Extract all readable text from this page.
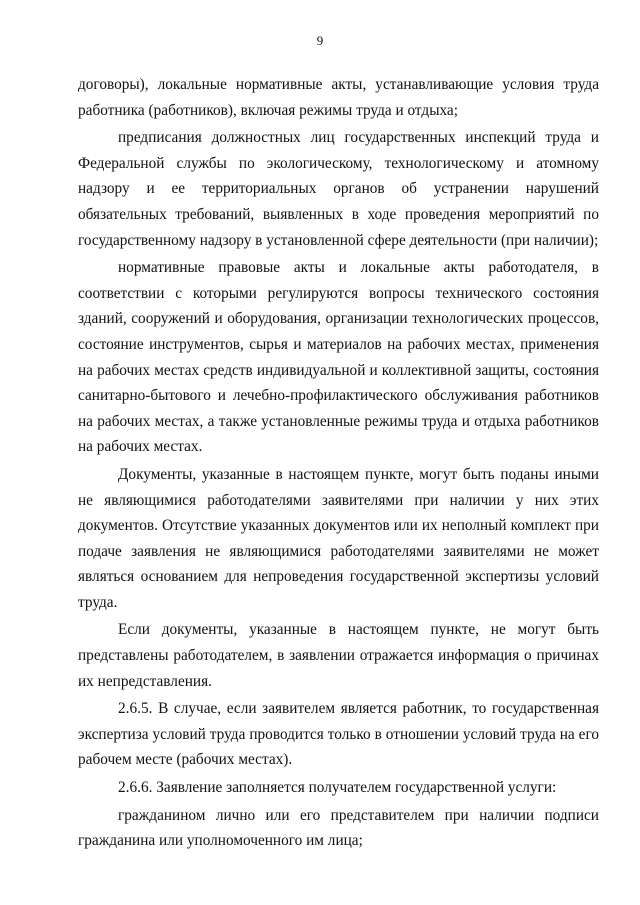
9

договоры), локальные нормативные акты, устанавливающие условия труда работника (работников), включая режимы труда и отдыха;

предписания должностных лиц государственных инспекций труда и Федеральной службы по экологическому, технологическому и атомному надзору и ее территориальных органов об устранении нарушений обязательных требований, выявленных в ходе проведения мероприятий по государственному надзору в установленной сфере деятельности (при наличии);

нормативные правовые акты и локальные акты работодателя, в соответствии с которыми регулируются вопросы технического состояния зданий, сооружений и оборудования, организации технологических процессов, состояние инструментов, сырья и материалов на рабочих местах, применения на рабочих местах средств индивидуальной и коллективной защиты, состояния санитарно-бытового и лечебно-профилактического обслуживания работников на рабочих местах, а также установленные режимы труда и отдыха работников на рабочих местах.

Документы, указанные в настоящем пункте, могут быть поданы иными не являющимися работодателями заявителями при наличии у них этих документов. Отсутствие указанных документов или их неполный комплект при подаче заявления не являющимися работодателями заявителями не может являться основанием для непроведения государственной экспертизы условий труда.

Если документы, указанные в настоящем пункте, не могут быть представлены работодателем, в заявлении отражается информация о причинах их непредставления.

2.6.5. В случае, если заявителем является работник, то государственная экспертиза условий труда проводится только в отношении условий труда на его рабочем месте (рабочих местах).

2.6.6. Заявление заполняется получателем государственной услуги:

гражданином лично или его представителем при наличии подписи гражданина или уполномоченного им лица;
